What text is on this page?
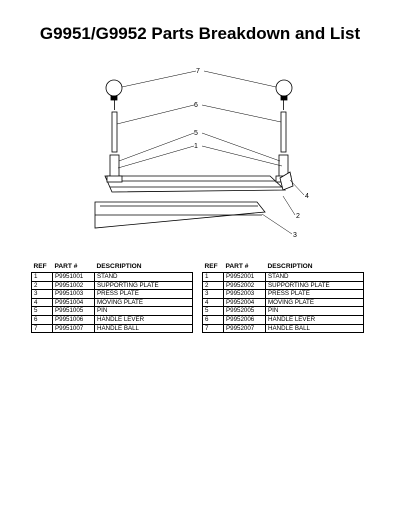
G9951/G9952 Parts Breakdown and List
7
6
5
1
4
2
3
REF	PART #	DESCRIPTION
1	P9951001	STAND
2	P9951002	SUPPORTING PLATE
3	P9951003	PRESS PLATE
4	P9951004	MOVING PLATE
5	P9951005	PIN
6	P9951006	HANDLE LEVER
7	P9951007	HANDLE BALL
REF	PART #	DESCRIPTION
1	P9952001	STAND
2	P9952002	SUPPORTING PLATE
3	P9952003	PRESS PLATE
4	P9952004	MOVING PLATE
5	P9952005	PIN
6	P9952006	HANDLE LEVER
7	P9952007	HANDLE BALL
